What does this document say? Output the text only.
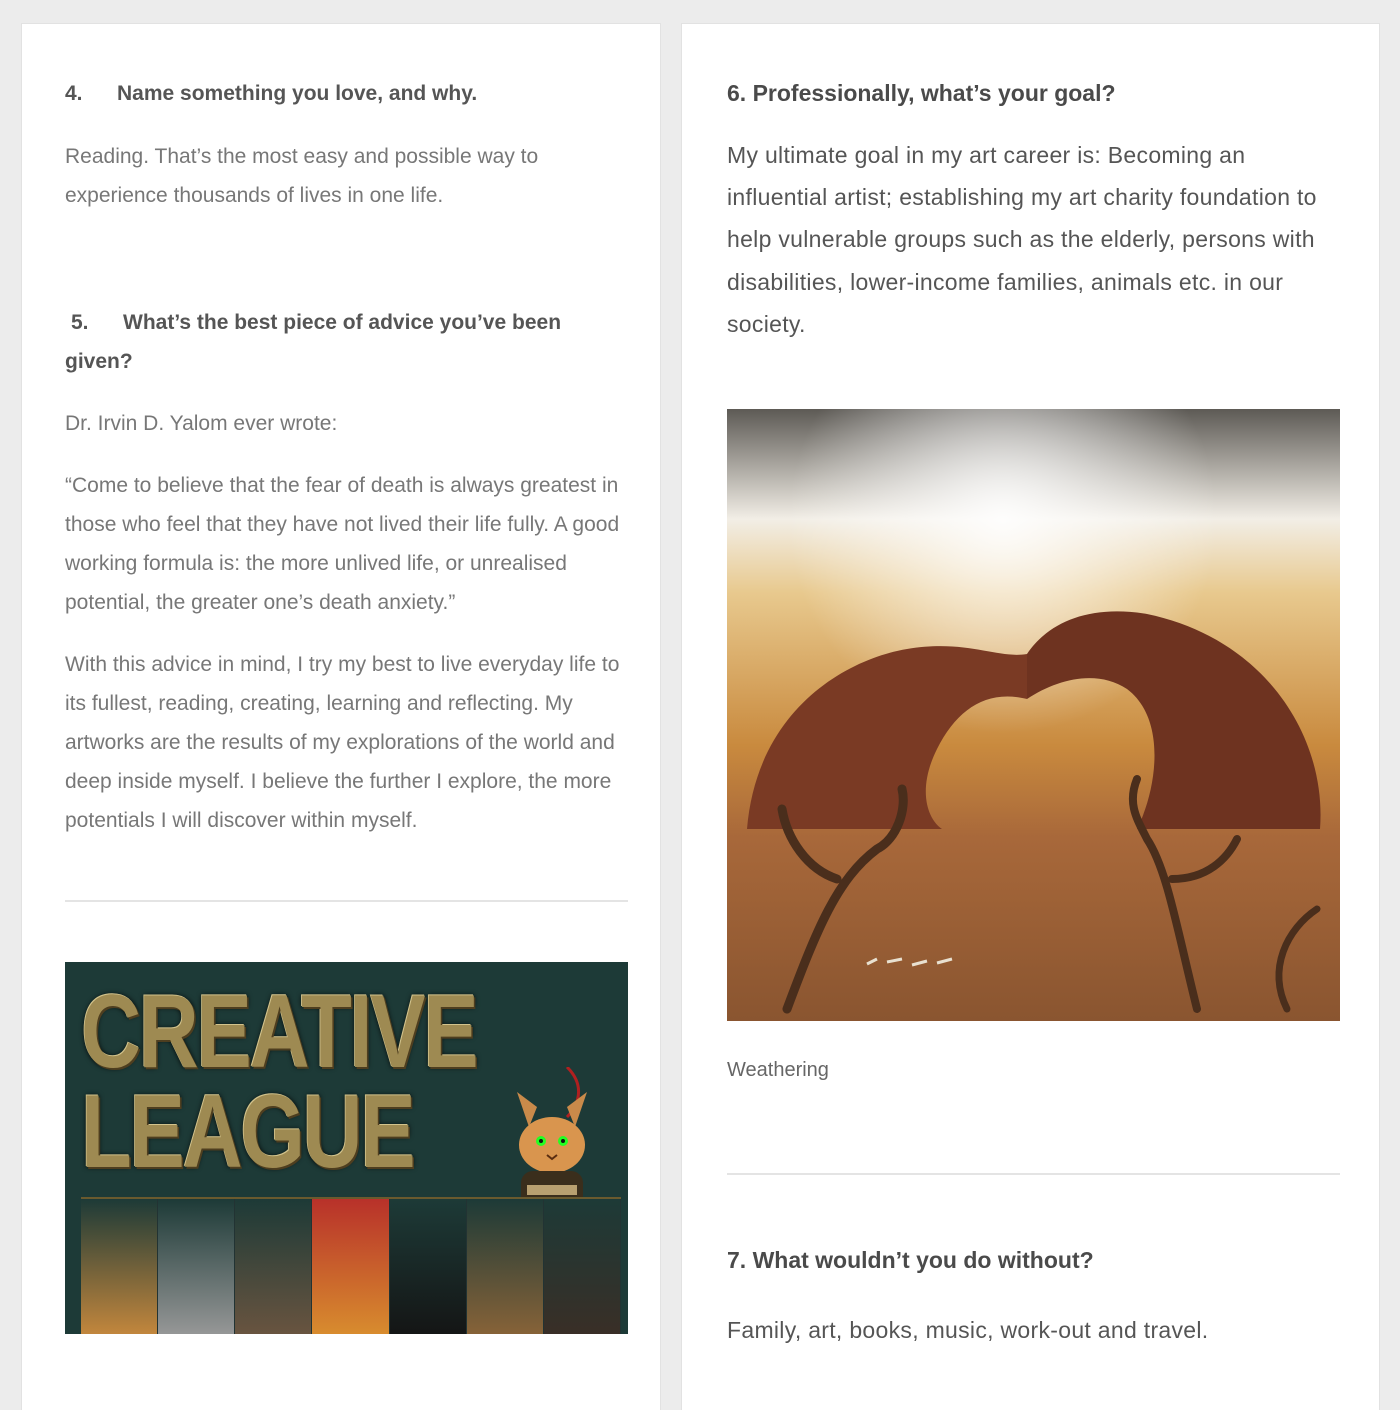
4. Name something you love, and why.

Reading. That’s the most easy and possible way to experience thousands of lives in one life.

5. What’s the best piece of advice you’ve been given?

Dr. Irvin D. Yalom ever wrote:

“Come to believe that the fear of death is always greatest in those who feel that they have not lived their life fully. A good working formula is: the more unlived life, or unrealised potential, the greater one’s death anxiety.”

With this advice in mind, I try my best to live everyday life to its fullest, reading, creating, learning and reflecting. My artworks are the results of my explorations of the world and deep inside myself. I believe the further I explore, the more potentials I will discover within myself.

CREATIVE
LEAGUE

6. Professionally, what’s your goal?

My ultimate goal in my art career is: Becoming an influential artist; establishing my art charity foundation to help vulnerable groups such as the elderly, persons with disabilities, lower-income families, animals etc. in our society.

Weathering

7. What wouldn’t you do without?

Family, art, books, music, work-out and travel.
